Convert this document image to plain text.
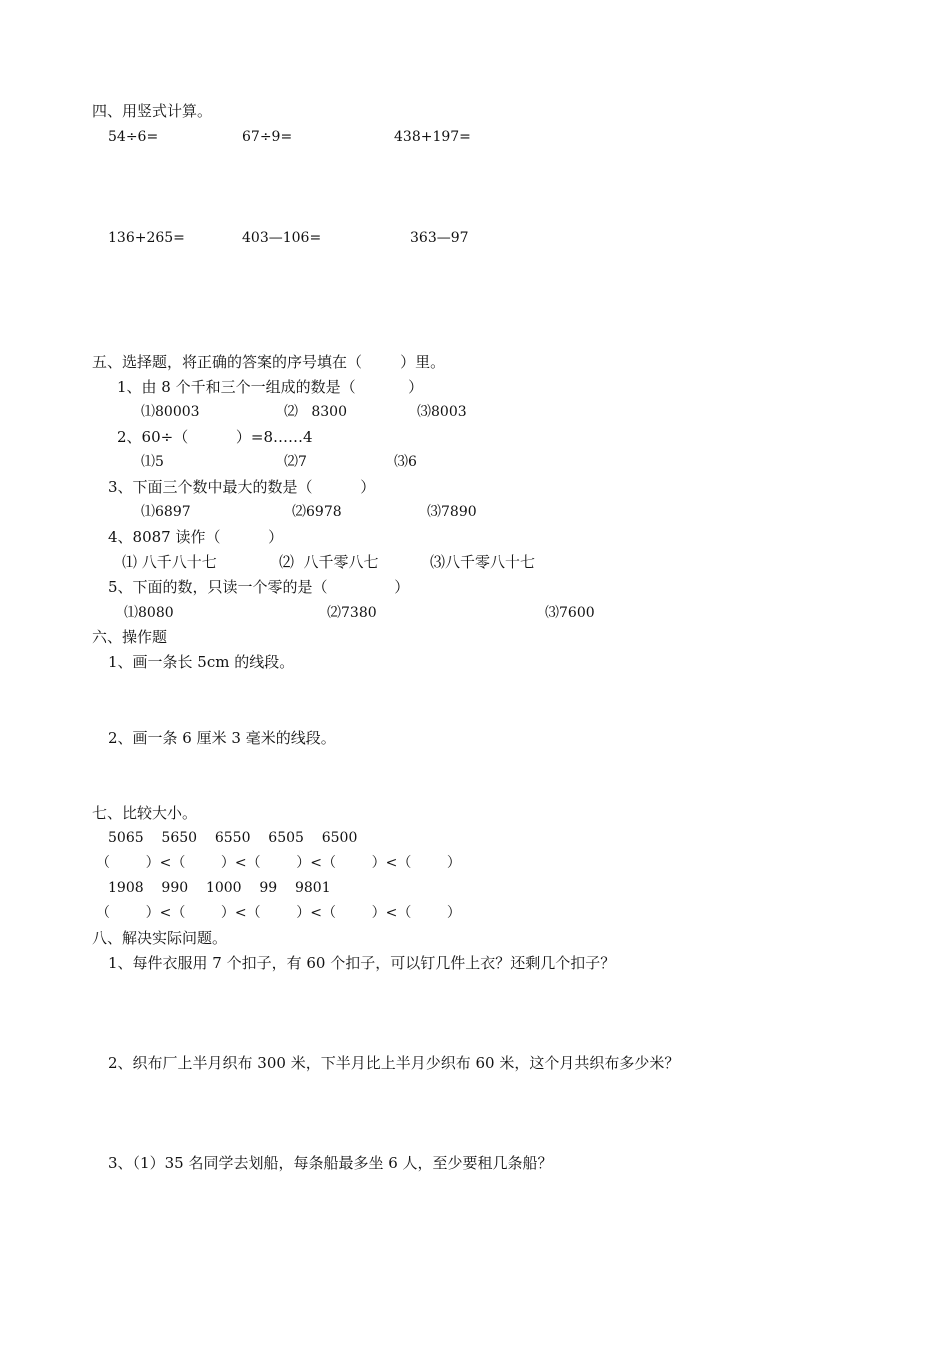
四、用竖式计算。
54÷6=	67÷9=	438+197=
136+265=	403—106=	363—97
五、选择题，将正确的答案的序号填在（        ）里。
1、由 8 个千和三个一组成的数是（           ）
⑴80003	⑵   8300	⑶8003
2、60÷（          ）=8……4
⑴5	⑵7	⑶6
3、下面三个数中最大的数是（          ）
⑴6897	⑵6978	⑶7890
4、8087 读作（          ）
⑴ 八千八十七	⑵  八千零八七	⑶八千零八十七
5、下面的数，只读一个零的是（              ）
⑴8080	⑵7380	⑶7600
六、操作题
1、画一条长 5cm 的线段。
2、画一条 6 厘米 3 毫米的线段。
七、比较大小。
5065    5650    6550    6505    6500
（        ）<（        ）<（        ）<（        ）<（        ）
1908    990    1000    99    9801
（        ）<（        ）<（        ）<（        ）<（        ）
八、解决实际问题。
1、每件衣服用 7 个扣子，有 60 个扣子，可以钉几件上衣？还剩几个扣子？
2、织布厂上半月织布 300 米，下半月比上半月少织布 60 米，这个月共织布多少米？
3、（1）35 名同学去划船，每条船最多坐 6 人，至少要租几条船？
